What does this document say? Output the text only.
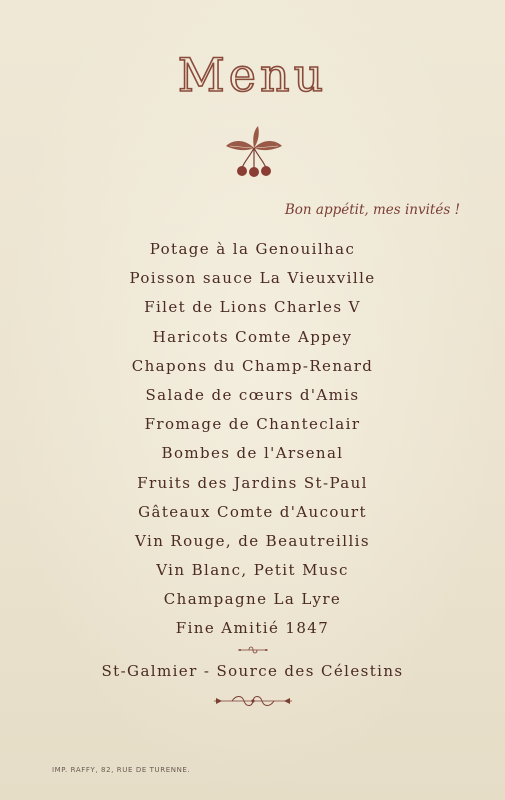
Menu
Bon appétit, mes invités !
Potage à la Genouilhac
Poisson sauce La Vieuxville
Filet de Lions Charles V
Haricots Comte Appey
Chapons du Champ-Renard
Salade de cœurs d'Amis
Fromage de Chanteclair
Bombes de l'Arsenal
Fruits des Jardins St-Paul
Gâteaux Comte d'Aucourt
Vin Rouge, de Beautreillis
Vin Blanc, Petit Musc
Champagne La Lyre
Fine Amitié 1847
St-Galmier - Source des Célestins
IMP. RAFFY, 82, RUE DE TURENNE.
